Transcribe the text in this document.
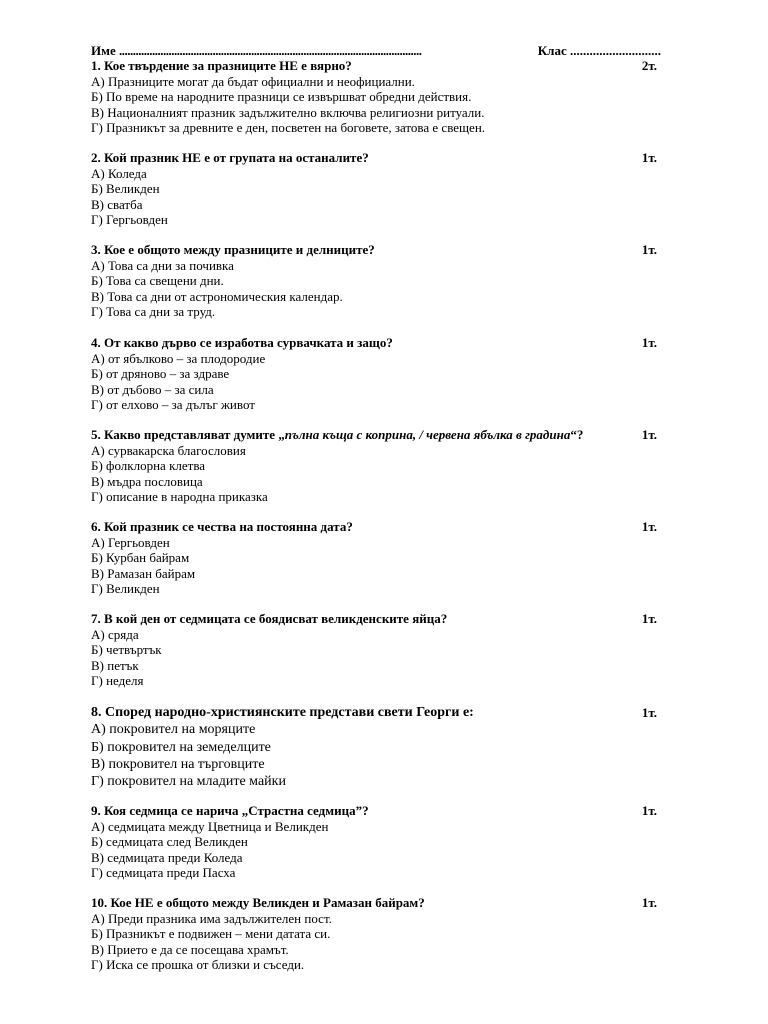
Име
..............................................................................................................
	Клас
............................
1. Кое твърдение за празниците НЕ е вярно?	2т.
А) Празниците могат да бъдат официални и неофициални.
Б) По време на народните празници се извършват обредни действия.
В) Националният празник задължително включва религиозни ритуали.
Г) Празникът за древните е ден, посветен на боговете, затова е свещен.
2. Кой празник НЕ е от групата на останалите?	1т.
А) Коледа
Б) Великден
В) сватба
Г) Гергьовден
3. Кое е общото между празниците и делниците?	1т.
А) Това са дни за почивка
Б) Това са свещени дни.
В) Това са дни от астрономическия календар.
Г) Това са дни за труд.
4. От какво дърво се изработва сурвачката и защо?	1т.
А) от ябълково – за плодородие
Б) от дряново – за здраве
В) от дъбово – за сила
Г) от елхово – за дълъг живот
5. Какво представляват думите „пълна къща с коприна, / червена ябълка в градина“?	1т.
А) сурвакарска благословия
Б) фолклорна клетва
В) мъдра пословица
Г) описание в народна приказка
6. Кой празник се чества на постоянна дата?	1т.
А) Гергьовден
Б) Курбан байрам
В) Рамазан байрам
Г) Великден
7. В кой ден от седмицата се боядисват великденските яйца?	1т.
А) сряда
Б) четвъртък
В) петък
Г) неделя
8. Според народно-християнските представи свети Георги е:	1т.
А) покровител на моряците
Б) покровител на земеделците
В) покровител на търговците
Г) покровител на младите майки
9. Коя седмица се нарича „Страстна седмица”?	1т.
А) седмицата между Цветница и Великден
Б) седмицата след Великден
В) седмицата преди Коледа
Г) седмицата преди Пасха
10. Кое НЕ е общото между Великден и Рамазан байрам?	1т.
А) Преди празника има задължителен пост.
Б) Празникът е подвижен – мени датата си.
В) Прието е да се посещава храмът.
Г) Иска се прошка от близки и съседи.
